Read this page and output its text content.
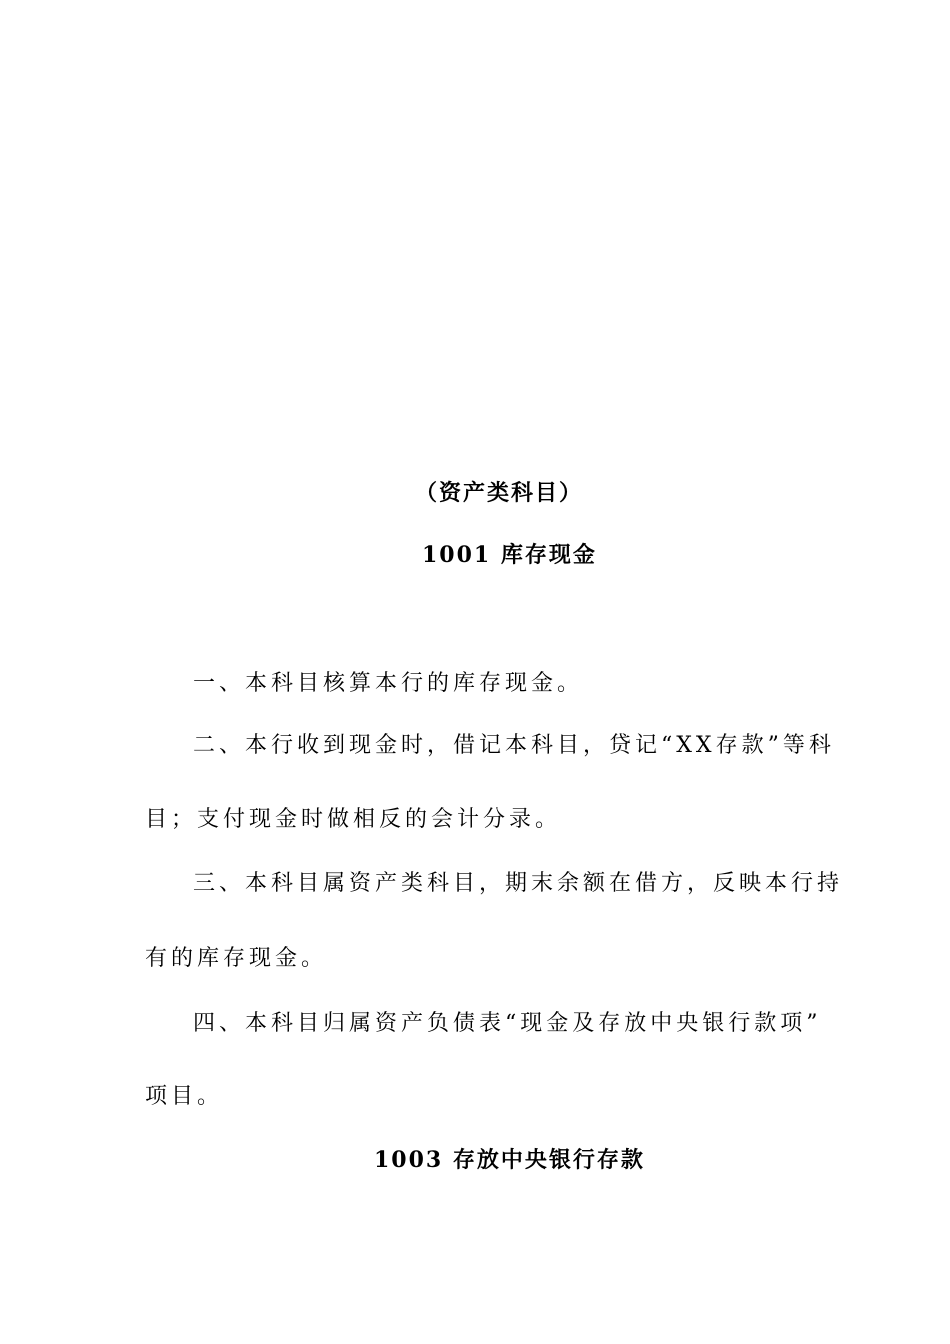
（资产类科目）
1001 库存现金
一、本科目核算本行的库存现金。
二、本行收到现金时，借记本科目，贷记“XX存款”等科
目；支付现金时做相反的会计分录。
三、本科目属资产类科目，期末余额在借方，反映本行持
有的库存现金。
四、本科目归属资产负债表“现金及存放中央银行款项”
项目。
1003 存放中央银行存款
